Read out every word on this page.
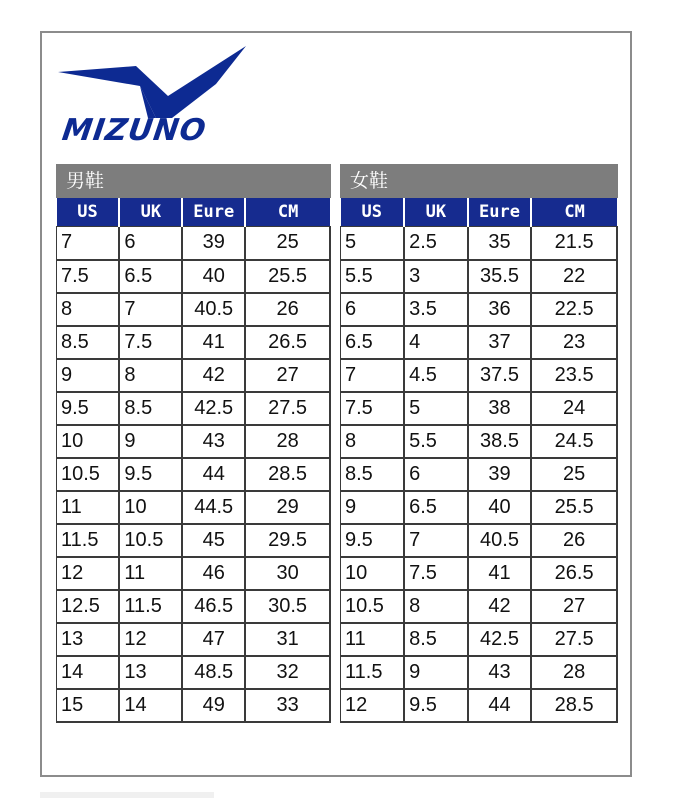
MIZUNO
男鞋
US	UK	Eure	CM
7	6	39	25
7.5	6.5	40	25.5
8	7	40.5	26
8.5	7.5	41	26.5
9	8	42	27
9.5	8.5	42.5	27.5
10	9	43	28
10.5	9.5	44	28.5
11	10	44.5	29
11.5	10.5	45	29.5
12	11	46	30
12.5	11.5	46.5	30.5
13	12	47	31
14	13	48.5	32
15	14	49	33
女鞋
US	UK	Eure	CM
5	2.5	35	21.5
5.5	3	35.5	22
6	3.5	36	22.5
6.5	4	37	23
7	4.5	37.5	23.5
7.5	5	38	24
8	5.5	38.5	24.5
8.5	6	39	25
9	6.5	40	25.5
9.5	7	40.5	26
10	7.5	41	26.5
10.5	8	42	27
11	8.5	42.5	27.5
11.5	9	43	28
12	9.5	44	28.5
